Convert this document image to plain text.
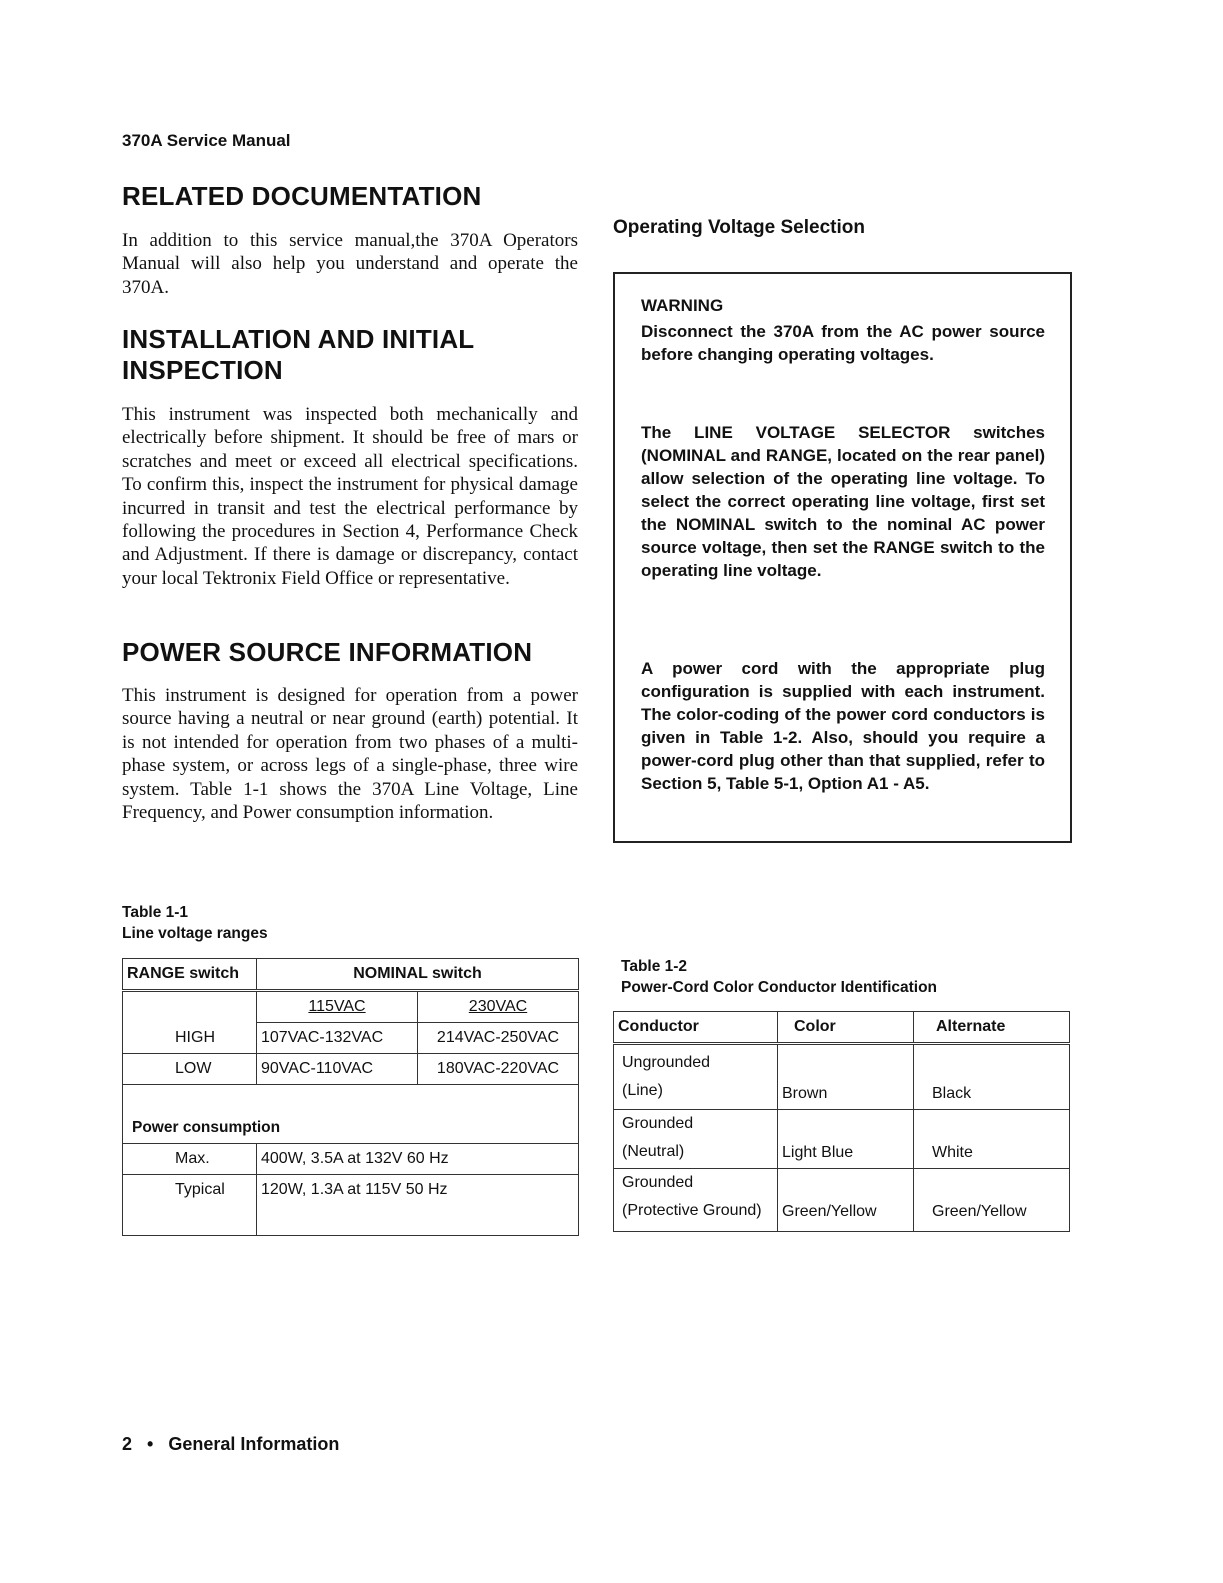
370A Service Manual
RELATED DOCUMENTATION

In addition to this service manual,the 370A Operators Manual will also help you understand and operate the 370A.

INSTALLATION AND INITIAL INSPECTION

This instrument was inspected both mechanically and electrically before shipment. It should be free of mars or scratches and meet or exceed all electrical specifications. To confirm this, inspect the instrument for physical damage incurred in transit and test the electrical performance by following the procedures in Section 4, Performance Check and Adjustment. If there is damage or discrepancy, contact your local Tektronix Field Office or representative.

POWER SOURCE INFORMATION

This instrument is designed for operation from a power source having a neutral or near ground (earth) potential. It is not intended for operation from two phases of a multi-phase system, or across legs of a single-phase, three wire system. Table 1-1 shows the 370A Line Voltage, Line Frequency, and Power consumption information.

Operating Voltage Selection
WARNING

Disconnect the 370A from the AC power source before changing operating voltages.

The LINE VOLTAGE SELECTOR switches (NOMINAL and RANGE, located on the rear panel) allow selection of the operating line voltage. To select the correct operating line voltage, first set the NOMINAL switch to the nominal AC power source voltage, then set the RANGE switch to the operating line voltage.

A power cord with the appropriate plug configuration is supplied with each instrument. The color-coding of the power cord conductors is given in Table 1-2. Also, should you require a power-cord plug other than that supplied, refer to Section 5, Table 5-1, Option A1 - A5.

Table 1-1
Line voltage ranges
RANGE switch	NOMINAL switch	
	115VAC	230VAC
HIGH	107VAC-132VAC	214VAC-250VAC
LOW	90VAC-110VAC	180VAC-220VAC

Power consumption		
Max.	400W, 3.5A at 132V 60 Hz	
Typical	120W, 1.3A at 115V 50 Hz	

Table 1-2
Power-Cord Color Conductor Identification
Conductor	Color	Alternate

Ungrounded
(Line)	Brown	Black

Grounded
(Neutral)	Light Blue	White

Grounded
(Protective Ground)	Green/Yellow	Green/Yellow
2 • General Information
